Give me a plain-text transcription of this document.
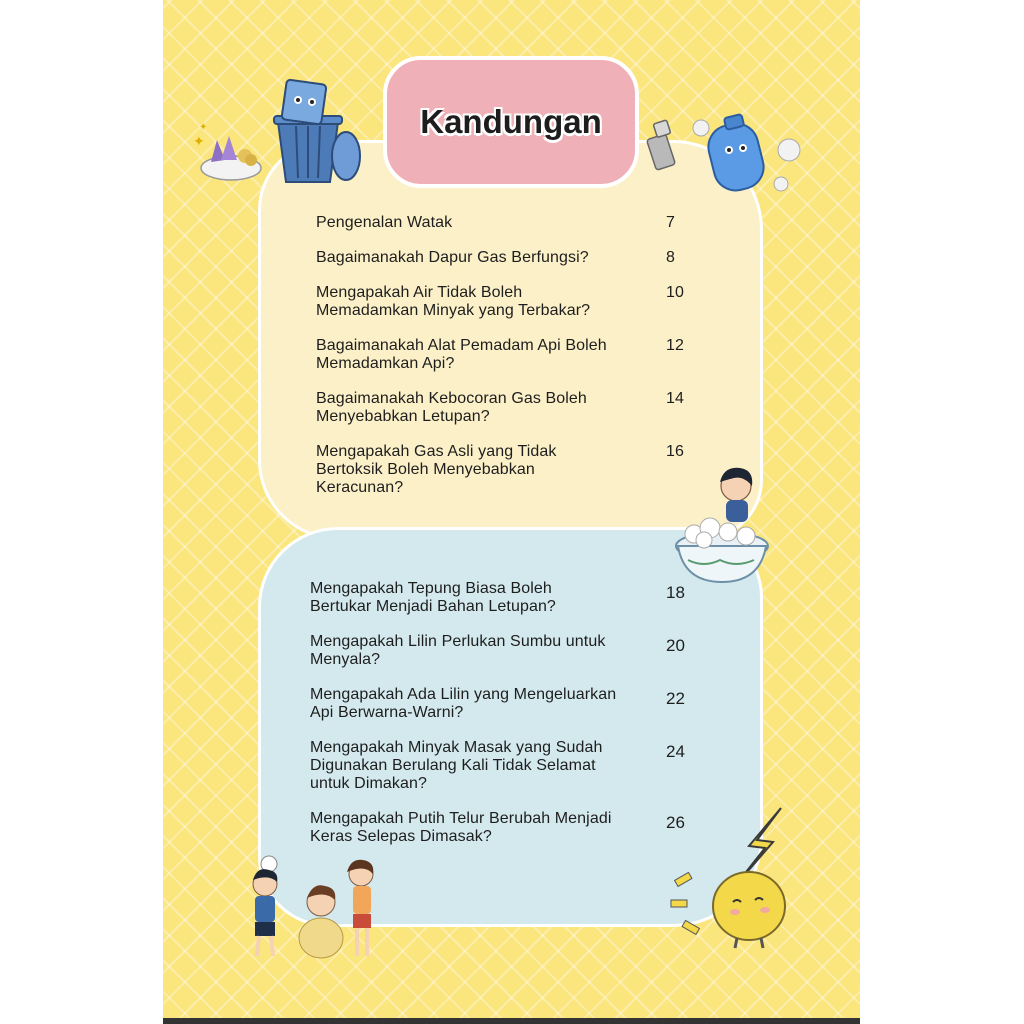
Kandungan
✦
✦
Pengenalan Watak	7
Bagaimanakah Dapur Gas Berfungsi?	8
Mengapakah Air Tidak Boleh
Memadamkan Minyak yang Terbakar?
10
Bagaimanakah Alat Pemadam Api Boleh
Memadamkan Api?
12
Bagaimanakah Kebocoran Gas Boleh
Menyebabkan Letupan?
14
Mengapakah Gas Asli yang Tidak
Bertoksik Boleh Menyebabkan
Keracunan?
16
Mengapakah Tepung Biasa Boleh
Bertukar Menjadi Bahan Letupan?
18
Mengapakah Lilin Perlukan Sumbu untuk
Menyala?
20
Mengapakah Ada Lilin yang Mengeluarkan
Api Berwarna-Warni?
22
Mengapakah Minyak Masak yang Sudah
Digunakan Berulang Kali Tidak Selamat
untuk Dimakan?
24
Mengapakah Putih Telur Berubah Menjadi
Keras Selepas Dimasak?
26
